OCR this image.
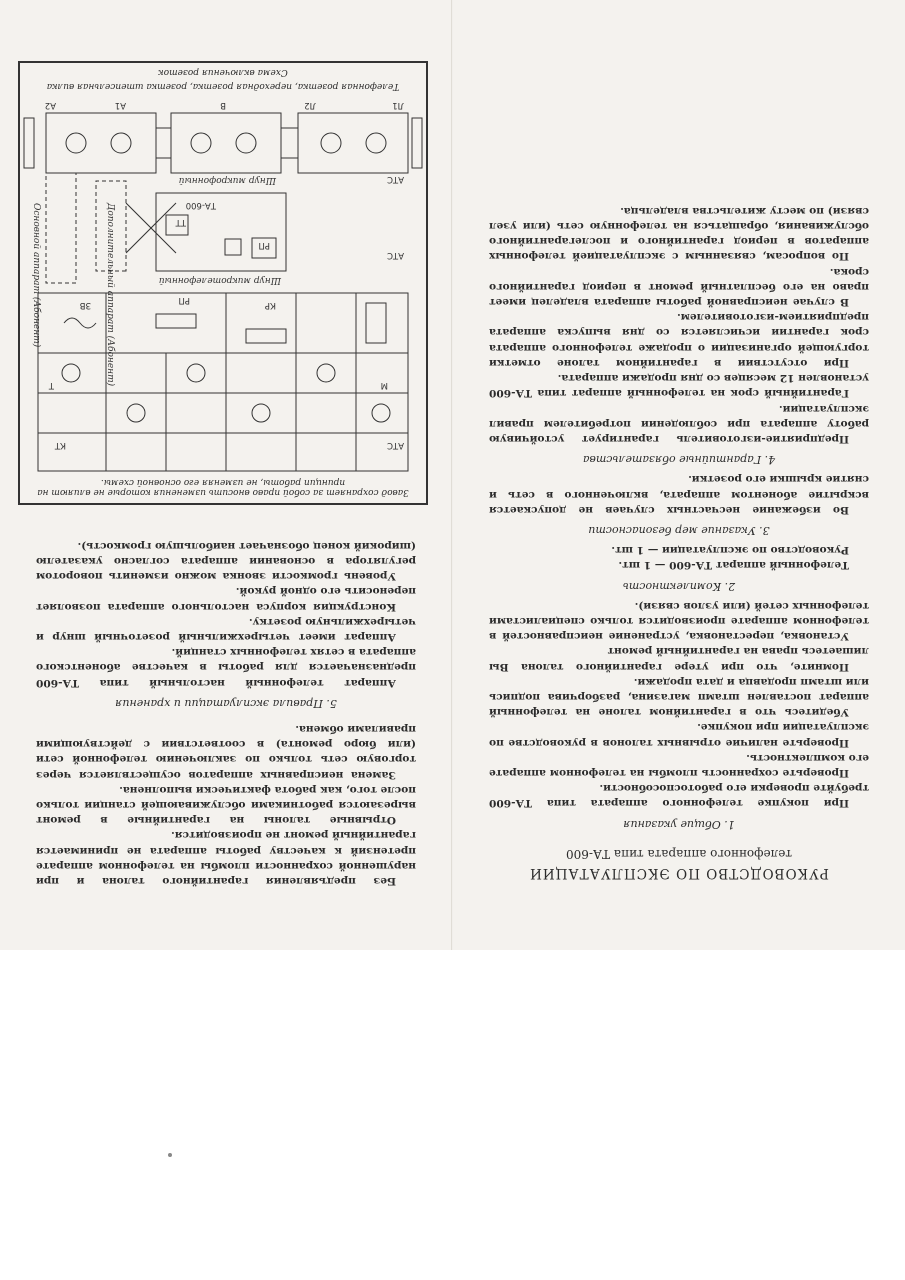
РУКОВОДСТВО ПО ЭКСПЛУАТАЦИИ
телефонного аппарата типа ТА-600
1. Общие указания

При покупке телефонного аппарата типа ТА-600 требуйте проверки его работоспособности.

Проверьте сохранность пломбы на телефонном аппарате его комплектность.

Проверьте наличие отрывных талонов в руководстве по эксплуатации при покупке.

Убедитесь что в гарантийном талоне на телефонный аппарат поставлен штамп магазина, разборчива подпись или штамп продавца и дата продажи.

Помните, что при утере гарантийного талона Вы лишаетесь права на гарантийный ремонт

Установка, перестановка, устранение неисправностей в телефонном аппарате производится только специалистами телефонных сетей (или узлов связи).

2. Комплектность

Телефонный аппарат ТА-600 — 1 шт.

Руководство по эксплуатации — 1 шт.

3. Указание мер безопасности

Во избежание несчастных случаев не допускается вскрытие абонентом аппарата, включенного в сеть и снятие крышки его розетки.

4. Гарантийные обязательства

Предприятие-изготовитель гарантирует устойчивую работу аппарата при соблюдении потребителем правил эксплуатации.

Гарантийный срок на телефонный аппарат типа ТА-600 установлен 12 месяцев со дня продажи аппарата.

При отсутствии в гарантийном талоне отметки торгующей организации о продаже телефонного аппарата срок гарантии исчисляется со дня выпуска аппарата предприятием-изготовителем.

В случае неисправной работы аппарата владелец имеет право на его бесплатный ремонт в период гарантийного срока.

По вопросам, связанным с эксплуатацией телефонных аппаратов в период гарантийного и послегарантийного обслуживания, обращаться на телефонную сеть (или узел связи) по месту жительства владельца.

Без предъявления гарантийного талона и при нарушенной сохранности пломбы на телефонном аппарате претензий к качеству работы аппарата не принимается гарантийный ремонт не производится.

Отрывные талоны на гарантийные в ремонт вырезаются работниками обслуживающей станции только после того, как работа фактически выполнена.

Замена неисправных аппаратов осуществляется через торговую сеть только по заключению телефонной сети (или бюро ремонта) в соответствии с действующими правилами обмена.

5. Правила эксплуатации и хранения

Аппарат телефонный настольный типа ТА-600 предназначается для работы в качестве абонентского аппарата в сетях телефонных станций.

Аппарат имеет четырехжильный розеточный шнур и четырехжильную розетку.

Конструкция корпуса настольного аппарата позволяет переносить его одной рукой.

Уровень громкости звонка можно изменить поворотом регулятора в основании аппарата согласно указателю (широкий конец обозначает наибольшую громкость).

Завод сохраняет за собой право вносить изменения которые не влияют на принцип работы, не изменяя его основной схемы.
АТС
КТ
КР
РП
ЗВ
М
Т
ТА-600
РП
ТТ
Шнур микротелефонный
Шнур микрофонный
АТС
АТС
Л1
Л2
А1
А2	В
Дополнительный аппарат (Абонент)
Основной аппарат (Абонент)
Телефонная розетка, переходная розетка, розетка штепсельная вилка
Схема включения розеток
